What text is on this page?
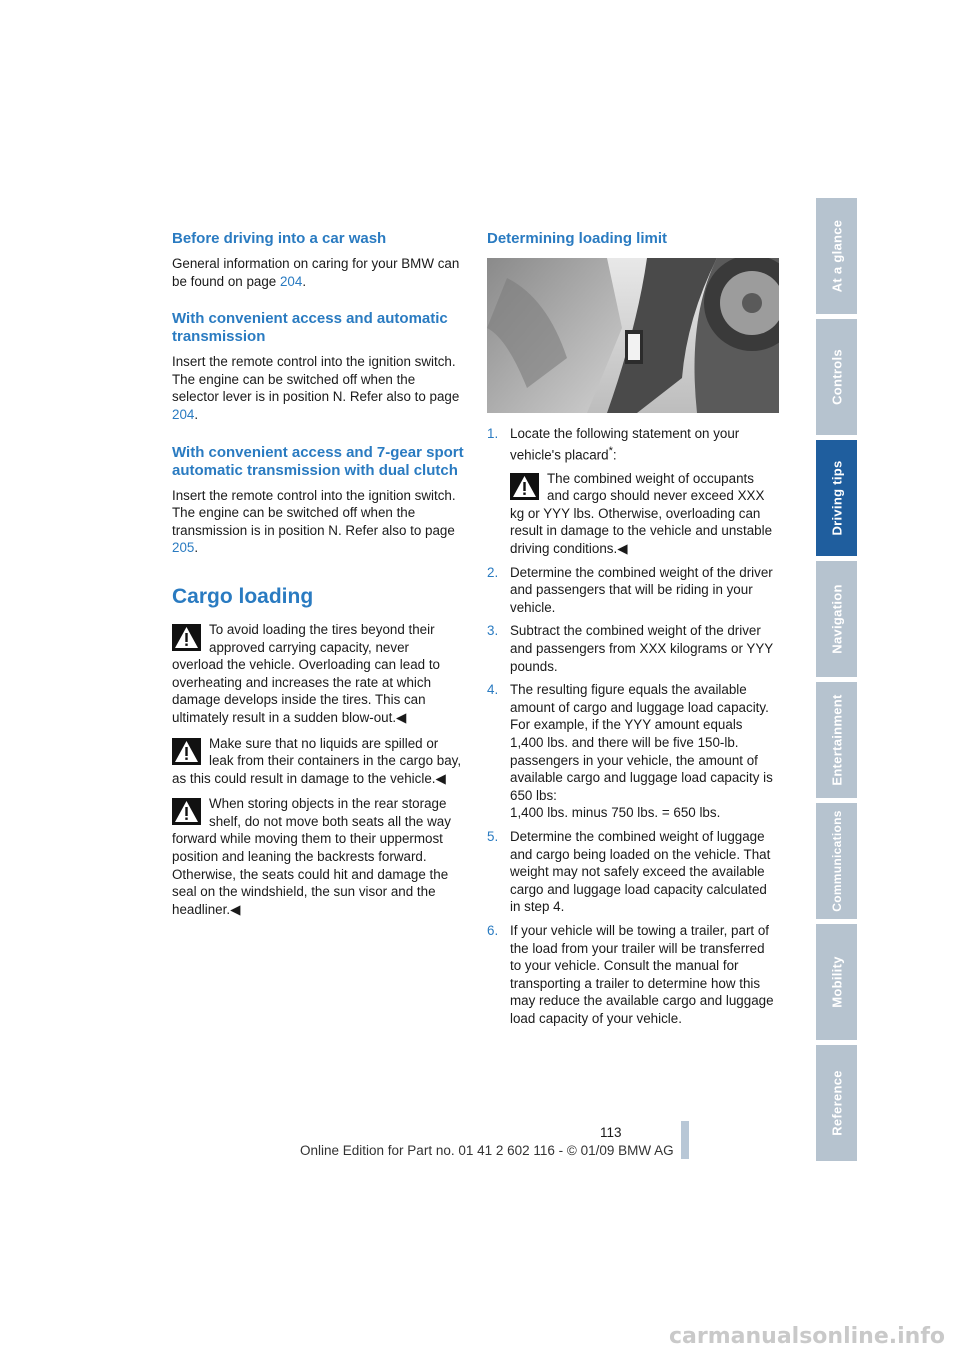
Before driving into a car wash

General information on caring for your BMW can be found on page 204.

With convenient access and automatic transmission

Insert the remote control into the ignition switch.

The engine can be switched off when the selector lever is in position N. Refer also to page 204.

With convenient access and 7-gear sport automatic transmission with dual clutch

Insert the remote control into the ignition switch.

The engine can be switched off when the transmission is in position N. Refer also to page 205.

Cargo loading

To avoid loading the tires beyond their approved carrying capacity, never overload the vehicle. Overloading can lead to overheating and increases the rate at which damage develops inside the tires. This can ultimately result in a sudden blow-out.◀

Make sure that no liquids are spilled or leak from their containers in the cargo bay, as this could result in damage to the vehicle.◀

When storing objects in the rear storage shelf, do not move both seats all the way forward while moving them to their uppermost position and leaning the backrests forward. Otherwise, the seats could hit and damage the seal on the windshield, the sun visor and the headliner.◀

Determining loading limit
1. Locate the following statement on your vehicle's placard*:

The combined weight of occupants and cargo should never exceed XXX kg or YYY lbs. Otherwise, overloading can result in damage to the vehicle and unstable driving conditions.◀

2. Determine the combined weight of the driver and passengers that will be riding in your vehicle.

3. Subtract the combined weight of the driver and passengers from XXX kilograms or YYY pounds.

4. The resulting figure equals the available amount of cargo and luggage load capacity. For example, if the YYY amount equals 1,400 lbs. and there will be five 150-lb. passengers in your vehicle, the amount of available cargo and luggage load capacity is 650 lbs:

1,400 lbs. minus 750 lbs. = 650 lbs.

5. Determine the combined weight of luggage and cargo being loaded on the vehicle. That weight may not safely exceed the available cargo and luggage load capacity calculated in step 4.

6. If your vehicle will be towing a trailer, part of the load from your trailer will be transferred to your vehicle. Consult the manual for transporting a trailer to determine how this may reduce the available cargo and luggage load capacity of your vehicle.

At a glance
Controls
Driving tips
Navigation
Entertainment
Communications
Mobility
Reference
113
Online Edition for Part no. 01 41 2 602 116 - © 01/09 BMW AG
carmanualsonline.info
